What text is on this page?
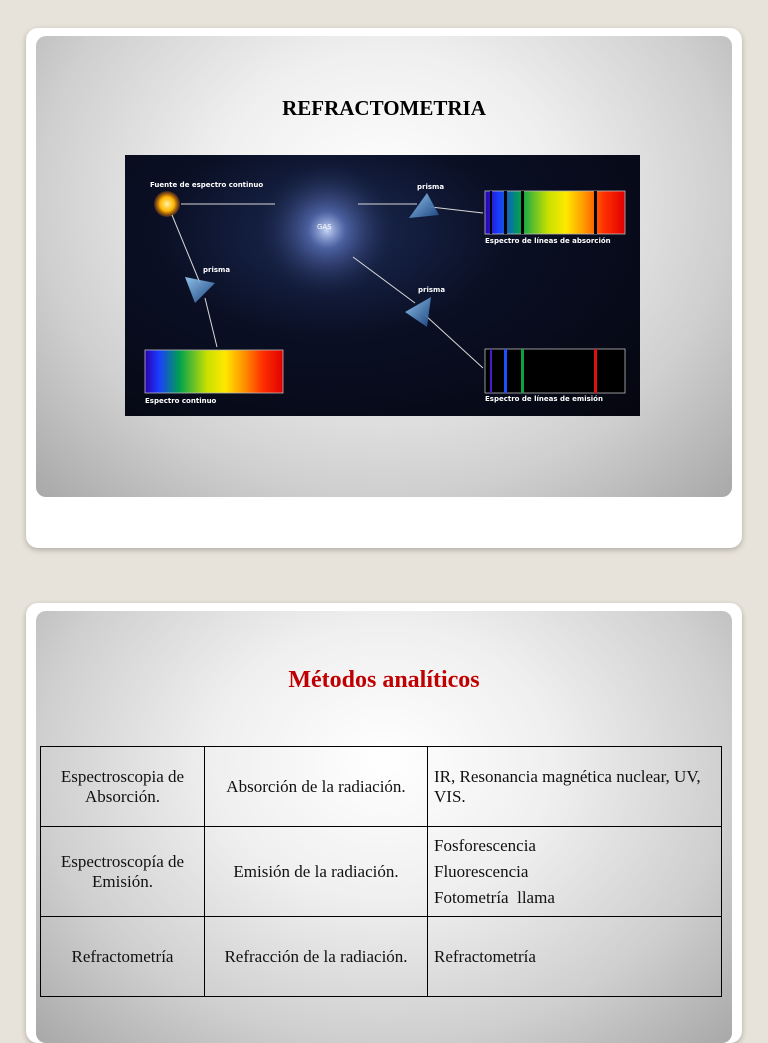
REFRACTOMETRIA
GAS
Fuente de espectro continuo
prisma
prisma
prisma
Espectro continuo
Espectro de líneas de absorción
Espectro de líneas de emisión
Métodos analíticos
Espectroscopia de Absorción.	Absorción de la radiación.	IR, Resonancia magnética nuclear, UV, VIS.

Espectroscopía de Emisión.	Emisión de la radiación.	Fosforescencia

Fluorescencia

Fotometría  llama

Refractometría	Refracción de la radiación.	Refractometría
